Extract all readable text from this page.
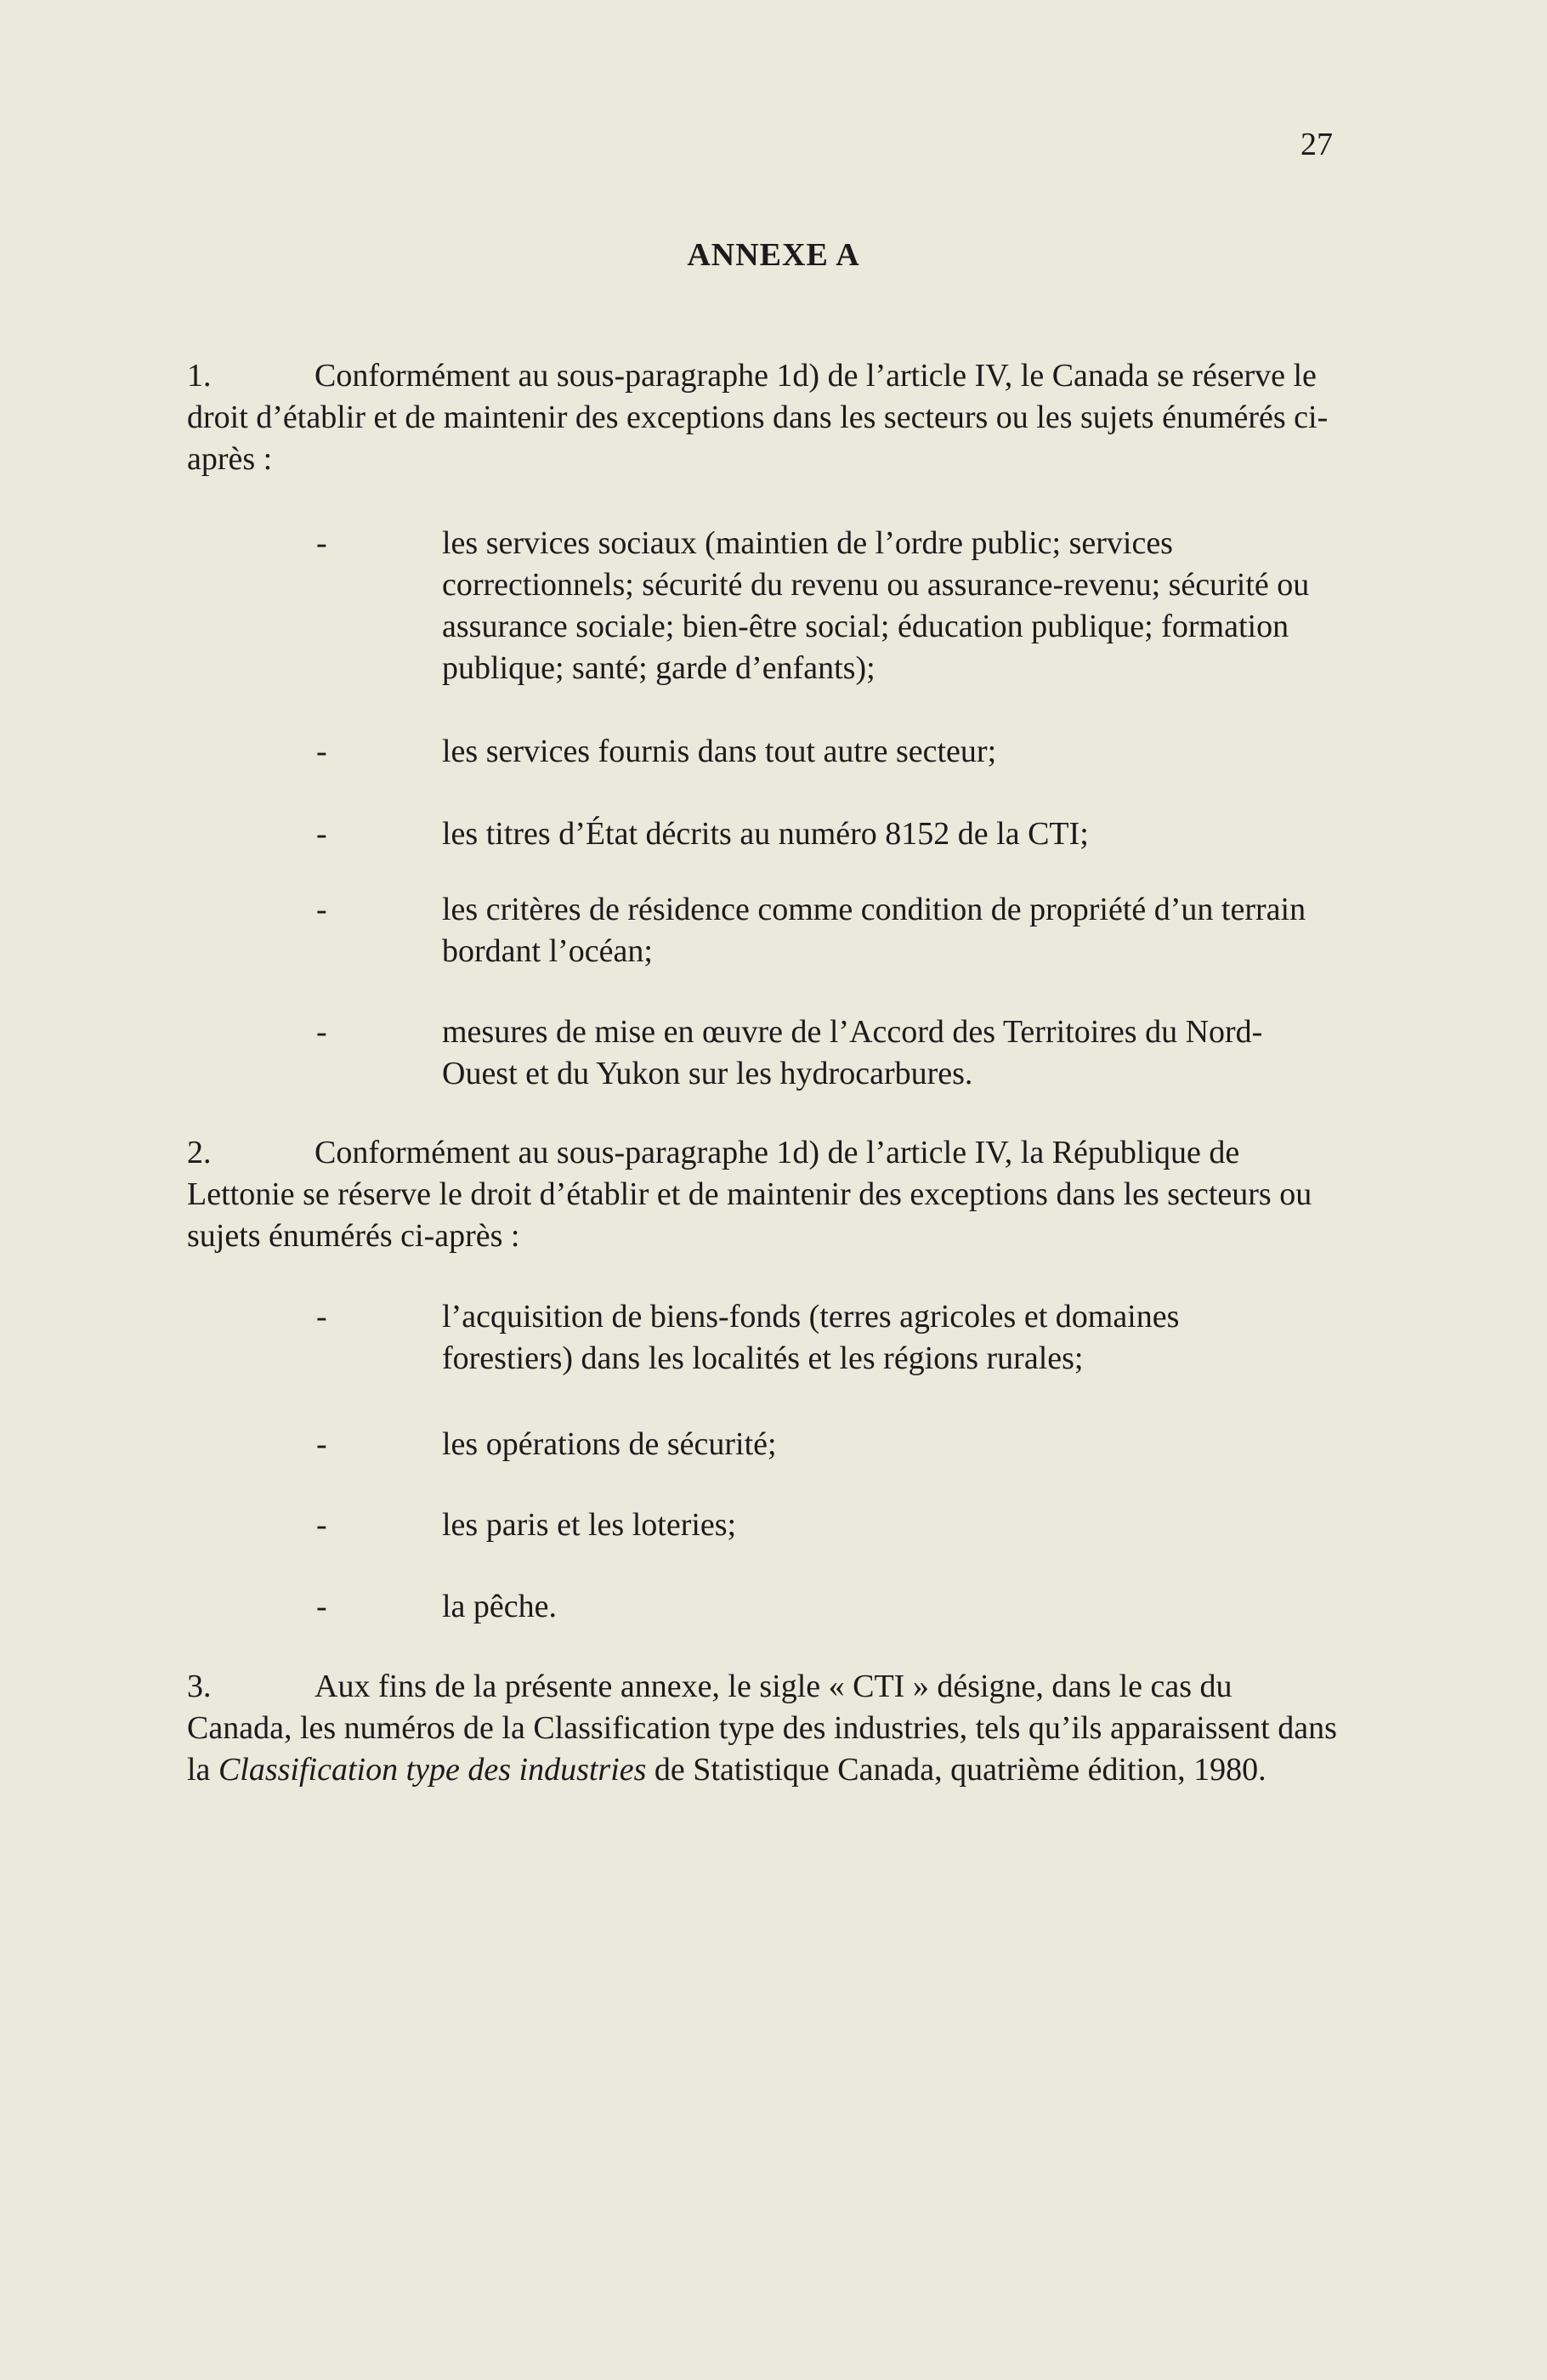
27
ANNEXE A
1.	Conformément au sous-paragraphe 1d) de l’article IV, le Canada se réserve le droit d’établir et de maintenir des exceptions dans les secteurs ou les sujets énumérés ci-après :
-	les services sociaux (maintien de l’ordre public; services correctionnels; sécurité du revenu ou assurance-revenu; sécurité ou assurance sociale; bien-être social; éducation publique; formation publique; santé; garde d’enfants);
-	les services fournis dans tout autre secteur;
-	les titres d’État décrits au numéro 8152 de la CTI;
-	les critères de résidence comme condition de propriété d’un terrain bordant l’océan;
-	mesures de mise en œuvre de l’Accord des Territoires du Nord-Ouest et du Yukon sur les hydrocarbures.
2.	Conformément au sous-paragraphe 1d) de l’article IV, la République de Lettonie se réserve le droit d’établir et de maintenir des exceptions dans les secteurs ou sujets énumérés ci-après :
-	l’acquisition de biens-fonds (terres agricoles et domaines forestiers) dans les localités et les régions rurales;
-	les opérations de sécurité;
-	les paris et les loteries;
-	la pêche.
3.	Aux fins de la présente annexe, le sigle « CTI » désigne, dans le cas du Canada, les numéros de la Classification type des industries, tels qu’ils apparaissent dans la Classification type des industries de Statistique Canada, quatrième édition, 1980.
